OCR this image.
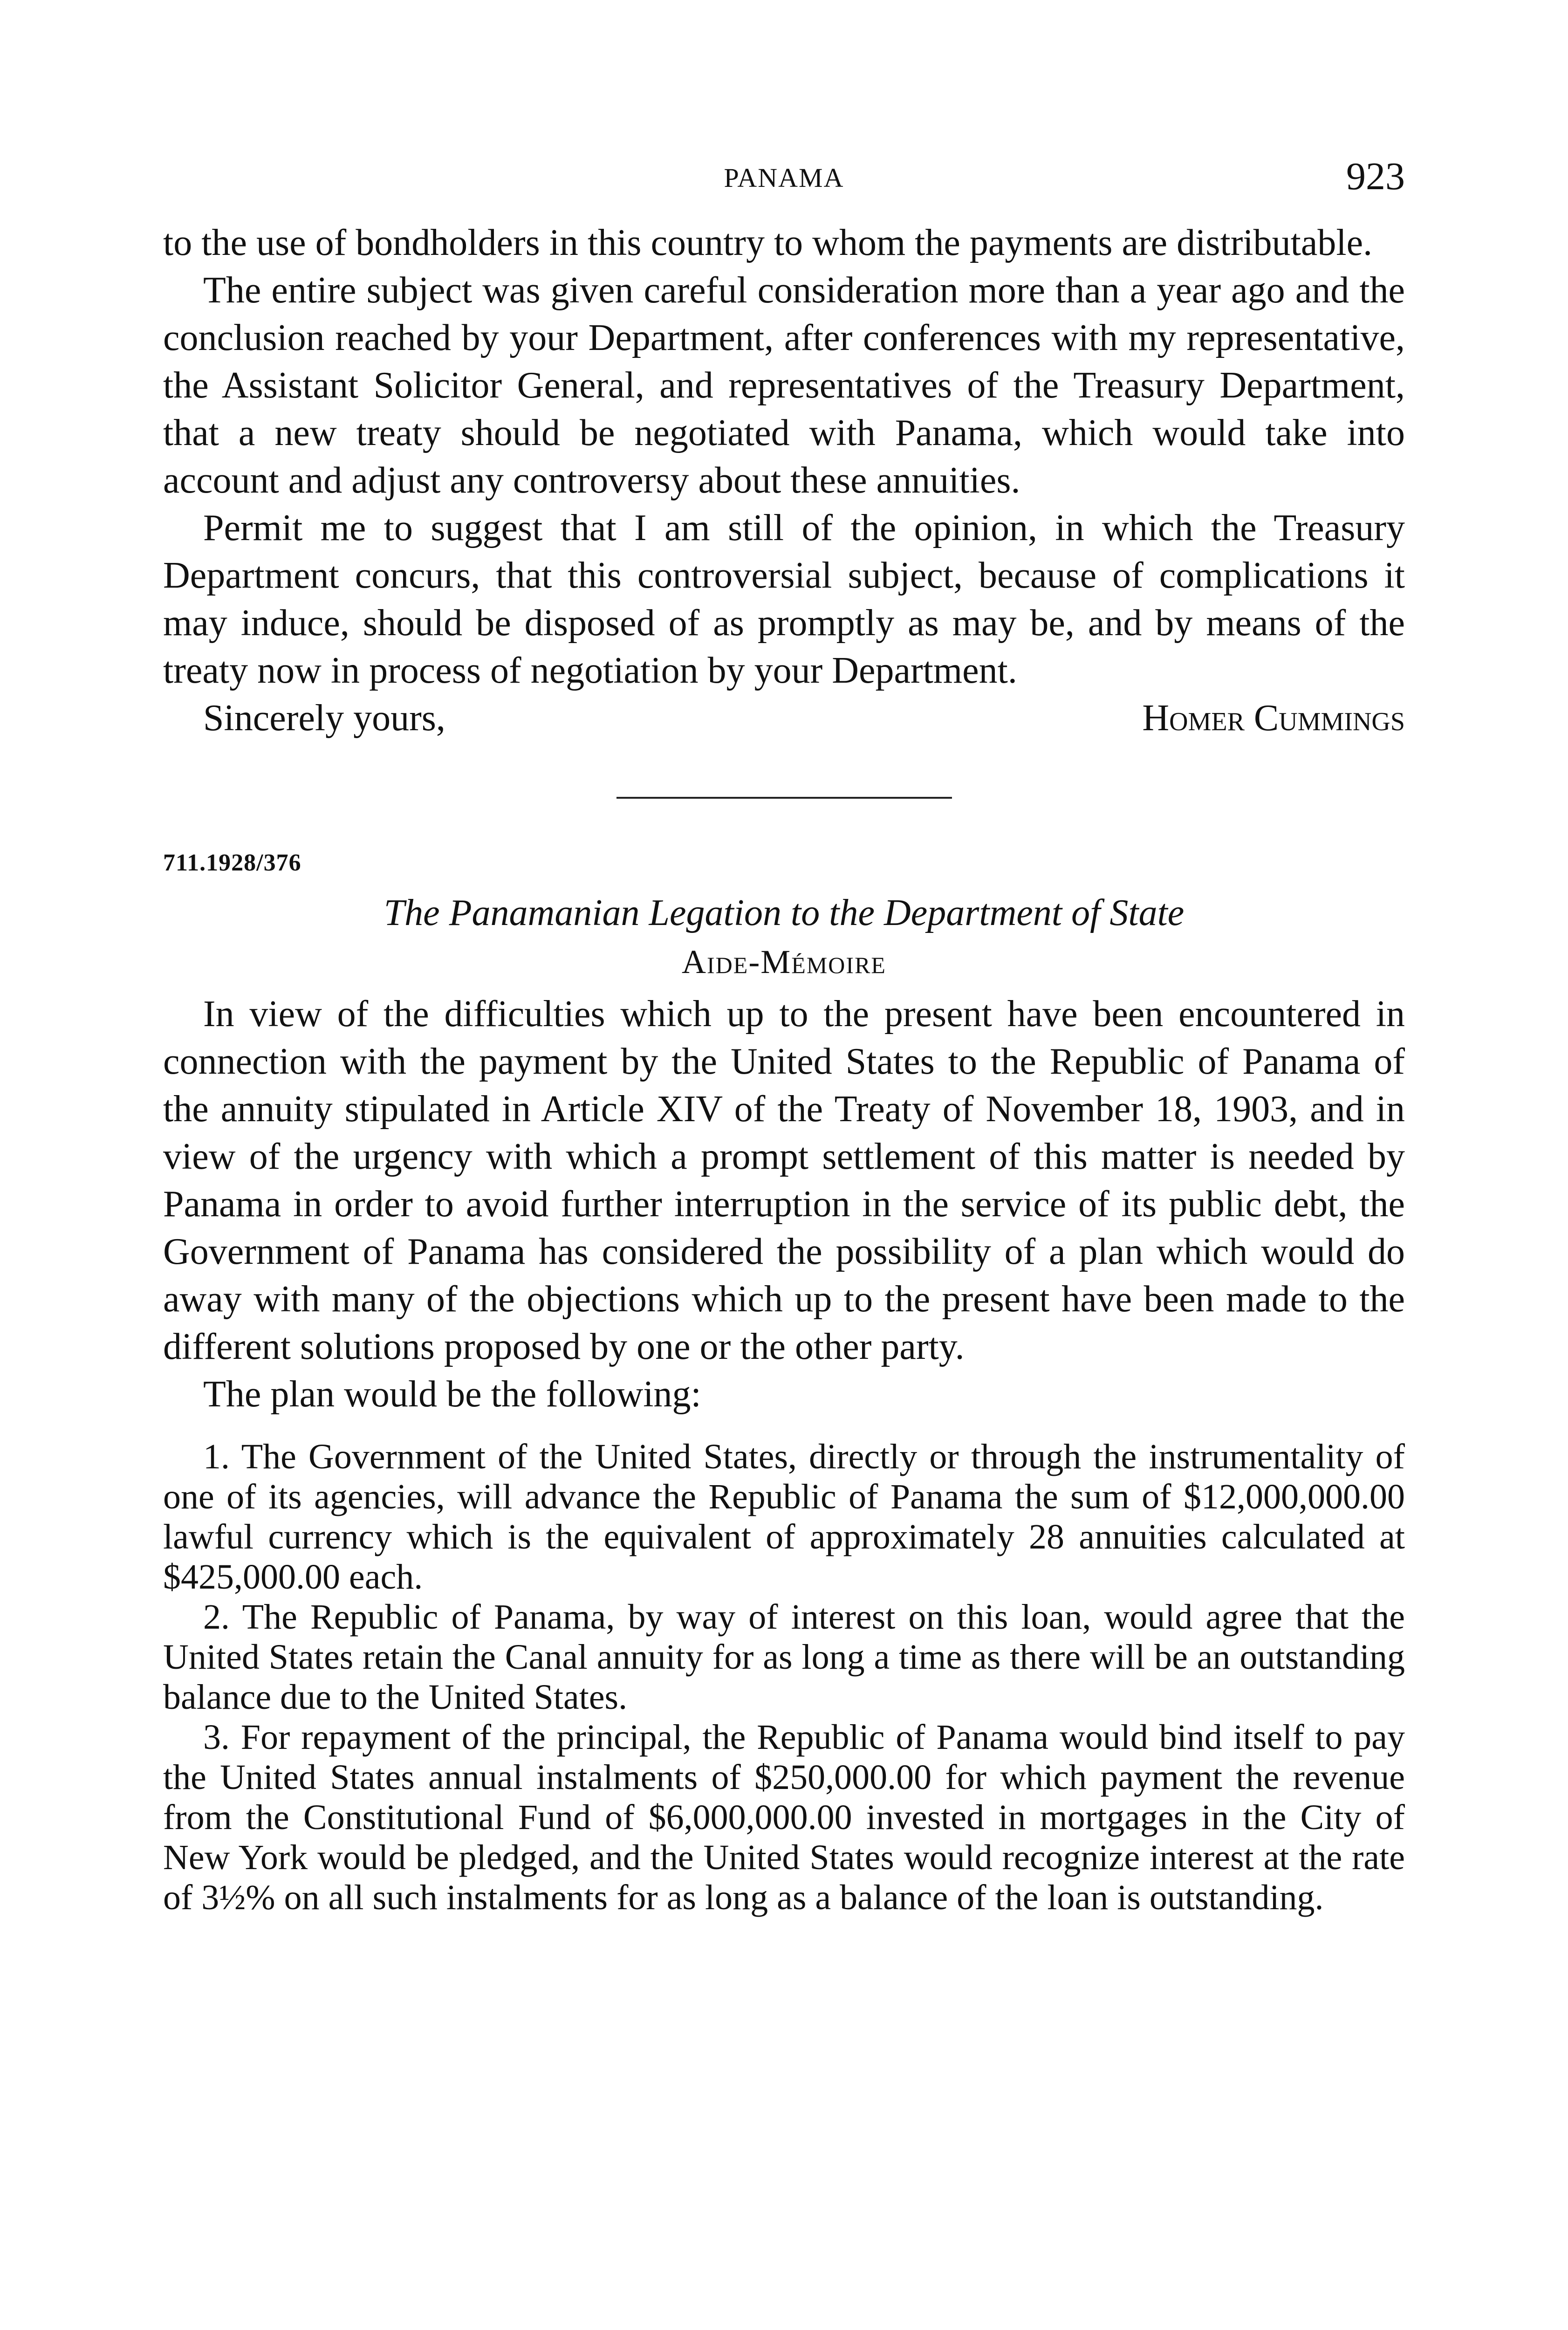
PANAMA	923

to the use of bondholders in this country to whom the payments are distributable.

The entire subject was given careful consideration more than a year ago and the conclusion reached by your Department, after conferences with my representative, the Assistant Solicitor General, and representatives of the Treasury Department, that a new treaty should be negotiated with Panama, which would take into account and adjust any controversy about these annuities.

Permit me to suggest that I am still of the opinion, in which the Treasury Department concurs, that this controversial subject, because of complications it may induce, should be disposed of as promptly as may be, and by means of the treaty now in process of negotiation by your Department.

Sincerely yours,	Homer Cummings
711.1928/376
The Panamanian Legation to the Department of State
Aide-Mémoire

In view of the difficulties which up to the present have been encountered in connection with the payment by the United States to the Republic of Panama of the annuity stipulated in Article XIV of the Treaty of November 18, 1903, and in view of the urgency with which a prompt settlement of this matter is needed by Panama in order to avoid further interruption in the service of its public debt, the Government of Panama has considered the possibility of a plan which would do away with many of the objections which up to the present have been made to the different solutions proposed by one or the other party.

The plan would be the following:

1. The Government of the United States, directly or through the instrumentality of one of its agencies, will advance the Republic of Panama the sum of $12,000,000.00 lawful currency which is the equivalent of approximately 28 annuities calculated at $425,000.00 each.

2. The Republic of Panama, by way of interest on this loan, would agree that the United States retain the Canal annuity for as long a time as there will be an outstanding balance due to the United States.

3. For repayment of the principal, the Republic of Panama would bind itself to pay the United States annual instalments of $250,000.00 for which payment the revenue from the Constitutional Fund of $6,000,000.00 invested in mortgages in the City of New York would be pledged, and the United States would recognize interest at the rate of 3½% on all such instalments for as long as a balance of the loan is outstanding.
